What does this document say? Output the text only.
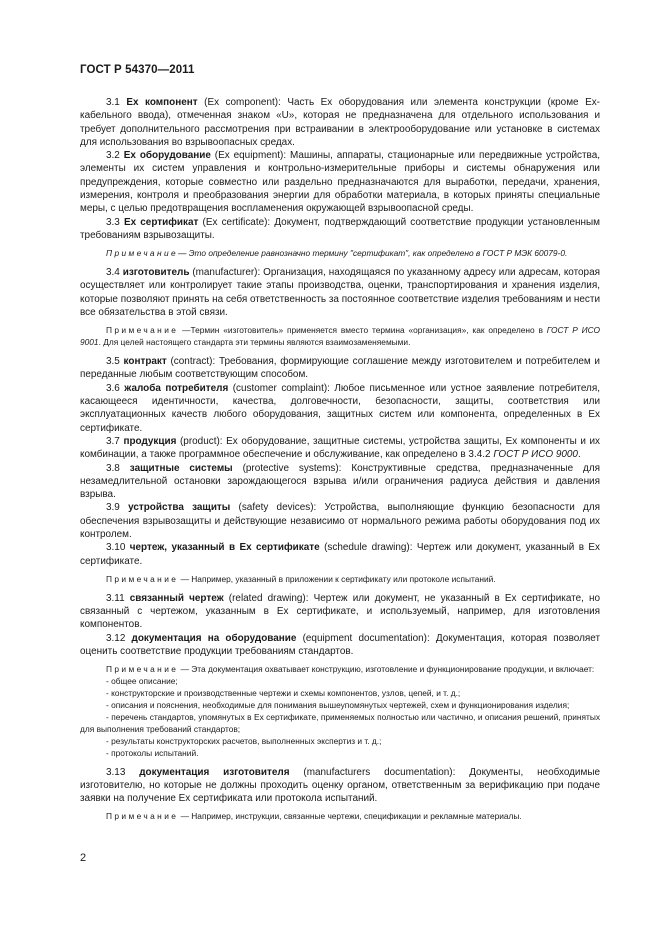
ГОСТ Р 54370—2011

3.1 Ex компонент (Ex component): Часть Ex оборудования или элемента конструкции (кроме Ex-кабельного ввода), отмеченная знаком «U», которая не предназначена для отдельного использования и требует дополнительного рассмотрения при встраивании в электрооборудование или установке в системах для использования во взрывоопасных средах.

3.2 Ex оборудование (Ex equipment): Машины, аппараты, стационарные или передвижные устройства, элементы их систем управления и контрольно-измерительные приборы и системы обнаружения или предупреждения, которые совместно или раздельно предназначаются для выработки, передачи, хранения, измерения, контроля и преобразования энергии для обработки материала, в которых приняты специальные меры, с целью предотвращения воспламенения окружающей взрывоопасной среды.

3.3 Ex сертификат (Ex certificate): Документ, подтверждающий соответствие продукции установленным требованиям взрывозащиты.

Примечание— Это определение равнозначно термину "сертификат", как определено в ГОСТ Р МЭК 60079-0.

3.4 изготовитель (manufacturer): Организация, находящаяся по указанному адресу или адресам, которая осуществляет или контролирует такие этапы производства, оценки, транспортирования и хранения изделия, которые позволяют принять на себя ответственность за постоянное соответствие изделия требованиям и нести все обязательства в этой связи.

Примечание —Термин «изготовитель» применяется вместо термина «организация», как определено в ГОСТ Р ИСО 9001. Для целей настоящего стандарта эти термины являются взаимозаменяемыми.

3.5 контракт (contract): Требования, формирующие соглашение между изготовителем и потребителем и переданные любым соответствующим способом.

3.6 жалоба потребителя (customer complaint): Любое письменное или устное заявление потребителя, касающееся идентичности, качества, долговечности, безопасности, защиты, соответствия или эксплуатационных качеств любого оборудования, защитных систем или компонента, определенных в Ex сертификате.

3.7 продукция (product): Ex оборудование, защитные системы, устройства защиты, Ex компоненты и их комбинации, а также программное обеспечение и обслуживание, как определено в 3.4.2 ГОСТ Р ИСО 9000.

3.8 защитные системы (protective systems): Конструктивные средства, предназначенные для незамедлительной остановки зарождающегося взрыва и/или ограничения радиуса действия и давления взрыва.

3.9 устройства защиты (safety devices): Устройства, выполняющие функцию безопасности для обеспечения взрывозащиты и действующие независимо от нормального режима работы оборудования под их контролем.

3.10 чертеж, указанный в Ex сертификате (schedule drawing): Чертеж или документ, указанный в Ex сертификате.

Примечание — Например, указанный в приложении к сертификату или протоколе испытаний.

3.11 связанный чертеж (related drawing): Чертеж или документ, не указанный в Ex сертификате, но связанный с чертежом, указанным в Ex сертификате, и используемый, например, для изготовления компонентов.

3.12 документация на оборудование (equipment documentation): Документация, которая позволяет оценить соответствие продукции требованиям стандартов.

Примечание — Эта документация охватывает конструкцию, изготовление и функционирование продукции, и включает:

- общее описание;

- конструкторские и производственные чертежи и схемы компонентов, узлов, цепей, и т. д.;

- описания и пояснения, необходимые для понимания вышеупомянутых чертежей, схем и функционирования изделия;

- перечень стандартов, упомянутых в Ex сертификате, применяемых полностью или частично, и описания решений, принятых для выполнения требований стандартов;

- результаты конструкторских расчетов, выполненных экспертиз и т. д.;

- протоколы испытаний.

3.13 документация изготовителя (manufacturers documentation): Документы, необходимые изготовителю, но которые не должны проходить оценку органом, ответственным за верификацию при подаче заявки на получение Ex сертификата или протокола испытаний.

Примечание — Например, инструкции, связанные чертежи, спецификации и рекламные материалы.

2
